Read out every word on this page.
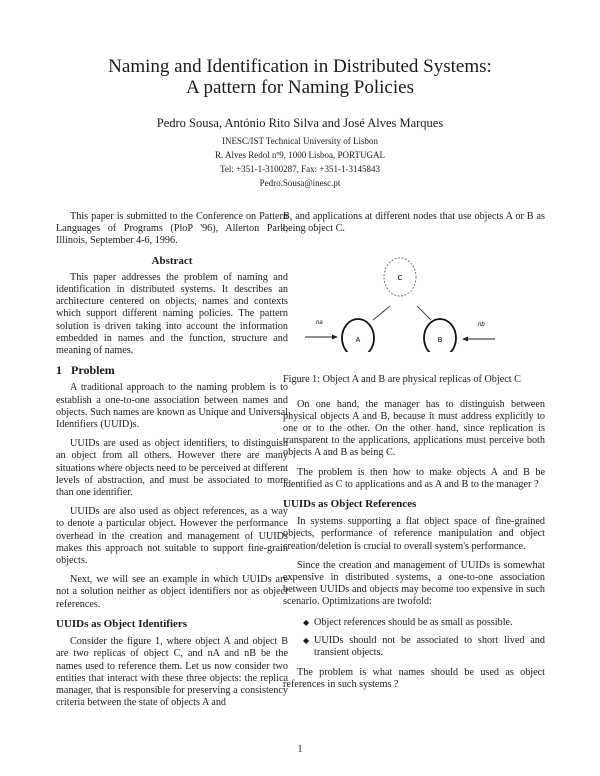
Naming and Identification in Distributed Systems:
A pattern for Naming Policies
Pedro Sousa, António Rito Silva and José Alves Marques
INESC/IST Technical University of Lisbon
R. Alves Redol nº9, 1000 Lisboa, PORTUGAL
Tel: +351-1-3100287, Fax: +351-1-3145843
Pedro.Sousa@inesc.pt

This paper is submitted to the Conference on Pattern Languages of Programs (PloP '96), Allerton Park, Illinois, September 4-6, 1996.

Abstract

This paper addresses the problem of naming and identification in distributed systems. It describes an architecture centered on objects, names and contexts which support different naming policies. The pattern solution is driven taking into account the information embedded in names and the function, structure and meaning of names.

1   Problem

A traditional approach to the naming problem is to establish a one-to-one association between names and objects. Such names are known as Unique and Universal Identifiers (UUID)s.

UUIDs are used as object identifiers, to distinguish an object from all others. However there are many situations where objects need to be perceived at different levels of abstraction, and must be associated to more than one identifier.

UUIDs are also used as object references, as a way to denote a particular object. However the performance overhead in the creation and management of UUIDs makes this approach not suitable to support fine-grain objects.

Next, we will see an example in which UUIDs are not a solution neither as object identifiers nor as object references.

UUIDs as Object Identifiers

Consider the figure 1, where object A and object B are two replicas of object C, and nA and nB be the names used to reference them. Let us now consider two entities that interact with these three objects: the replica manager, that is responsible for preserving a consistency criteria between the state of objects A and

B, and applications at different nodes that use objects A or B as being object C.

C
A	B
na	nb
Figure 1: Object A and B are physical replicas of Object C

On one hand, the manager has to distinguish between physical objects A and B, because it must address explicitly to one or to the other. On the other hand, since replication is transparent to the applications, applications must perceive both objects A and B as being C.

The problem is then how to make objects A and B be identified as C to applications and as A and B to the manager ?

UUIDs as Object References

In systems supporting a flat object space of fine-grained objects, performance of reference manipulation and object creation/deletion is crucial to overall system's performance.

Since the creation and management of UUIDs is somewhat expensive in distributed systems, a one-to-one association between UUIDs and objects may become too expensive in such scenario. Optimizations are twofold:

◆ Object references should be as small as possible.
◆ UUIDs should not be associated to short lived and transient objects.

The problem is what names should be used as object references in such systems ?

1
